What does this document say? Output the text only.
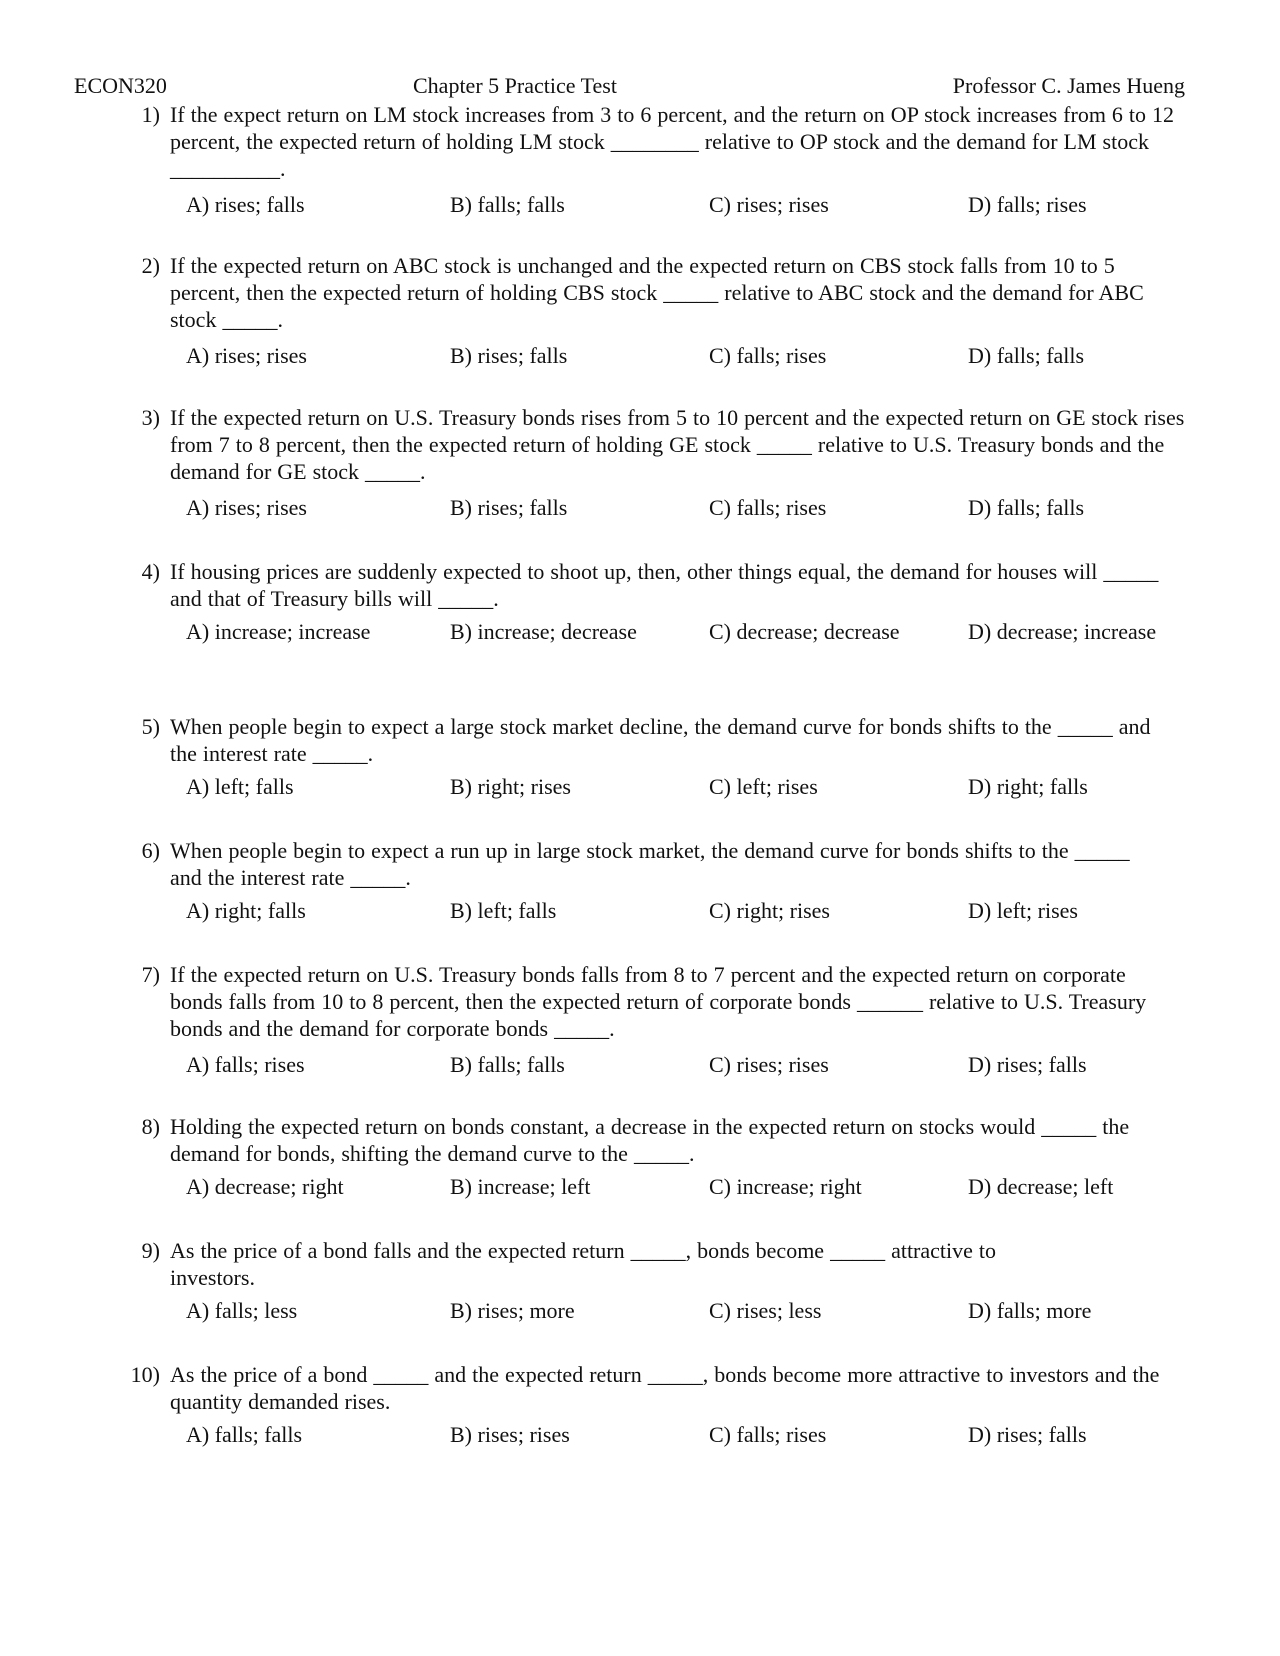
ECON320	Chapter 5 Practice Test	Professor C. James Hueng
1) If the expect return on LM stock increases from 3 to 6 percent, and the return on OP stock increases from 6 to 12 percent, the expected return of holding LM stock ________ relative to OP stock and the demand for LM stock __________.
A) rises; falls	B) falls; falls	C) rises; rises	D) falls; rises
2) If the expected return on ABC stock is unchanged and the expected return on CBS stock falls from 10 to 5 percent, then the expected return of holding CBS stock _____ relative to ABC stock and the demand for ABC stock _____.
A) rises; rises	B) rises; falls	C) falls; rises	D) falls; falls
3) If the expected return on U.S. Treasury bonds rises from 5 to 10 percent and the expected return on GE stock rises from 7 to 8 percent, then the expected return of holding GE stock _____ relative to U.S. Treasury bonds and the demand for GE stock _____.
A) rises; rises	B) rises; falls	C) falls; rises	D) falls; falls
4) If housing prices are suddenly expected to shoot up, then, other things equal, the demand for houses will _____ and that of Treasury bills will _____.
A) increase; increase	B) increase; decrease	C) decrease; decrease	D) decrease; increase
5) When people begin to expect a large stock market decline, the demand curve for bonds shifts to the _____ and the interest rate _____.
A) left; falls	B) right; rises	C) left; rises	D) right; falls
6) When people begin to expect a run up in large stock market, the demand curve for bonds shifts to the _____ and the interest rate _____.
A) right; falls	B) left; falls	C) right; rises	D) left; rises
7) If the expected return on U.S. Treasury bonds falls from 8 to 7 percent and the expected return on corporate bonds falls from 10 to 8 percent, then the expected return of corporate bonds ______ relative to U.S. Treasury bonds and the demand for corporate bonds _____.
A) falls; rises	B) falls; falls	C) rises; rises	D) rises; falls
8) Holding the expected return on bonds constant, a decrease in the expected return on stocks would _____ the demand for bonds, shifting the demand curve to the _____.
A) decrease; right	B) increase; left	C) increase; right	D) decrease; left
9) As the price of a bond falls and the expected return _____, bonds become _____ attractive to investors.
A) falls; less	B) rises; more	C) rises; less	D) falls; more
10) As the price of a bond _____ and the expected return _____, bonds become more attractive to investors and the quantity demanded rises.
A) falls; falls	B) rises; rises	C) falls; rises	D) rises; falls
